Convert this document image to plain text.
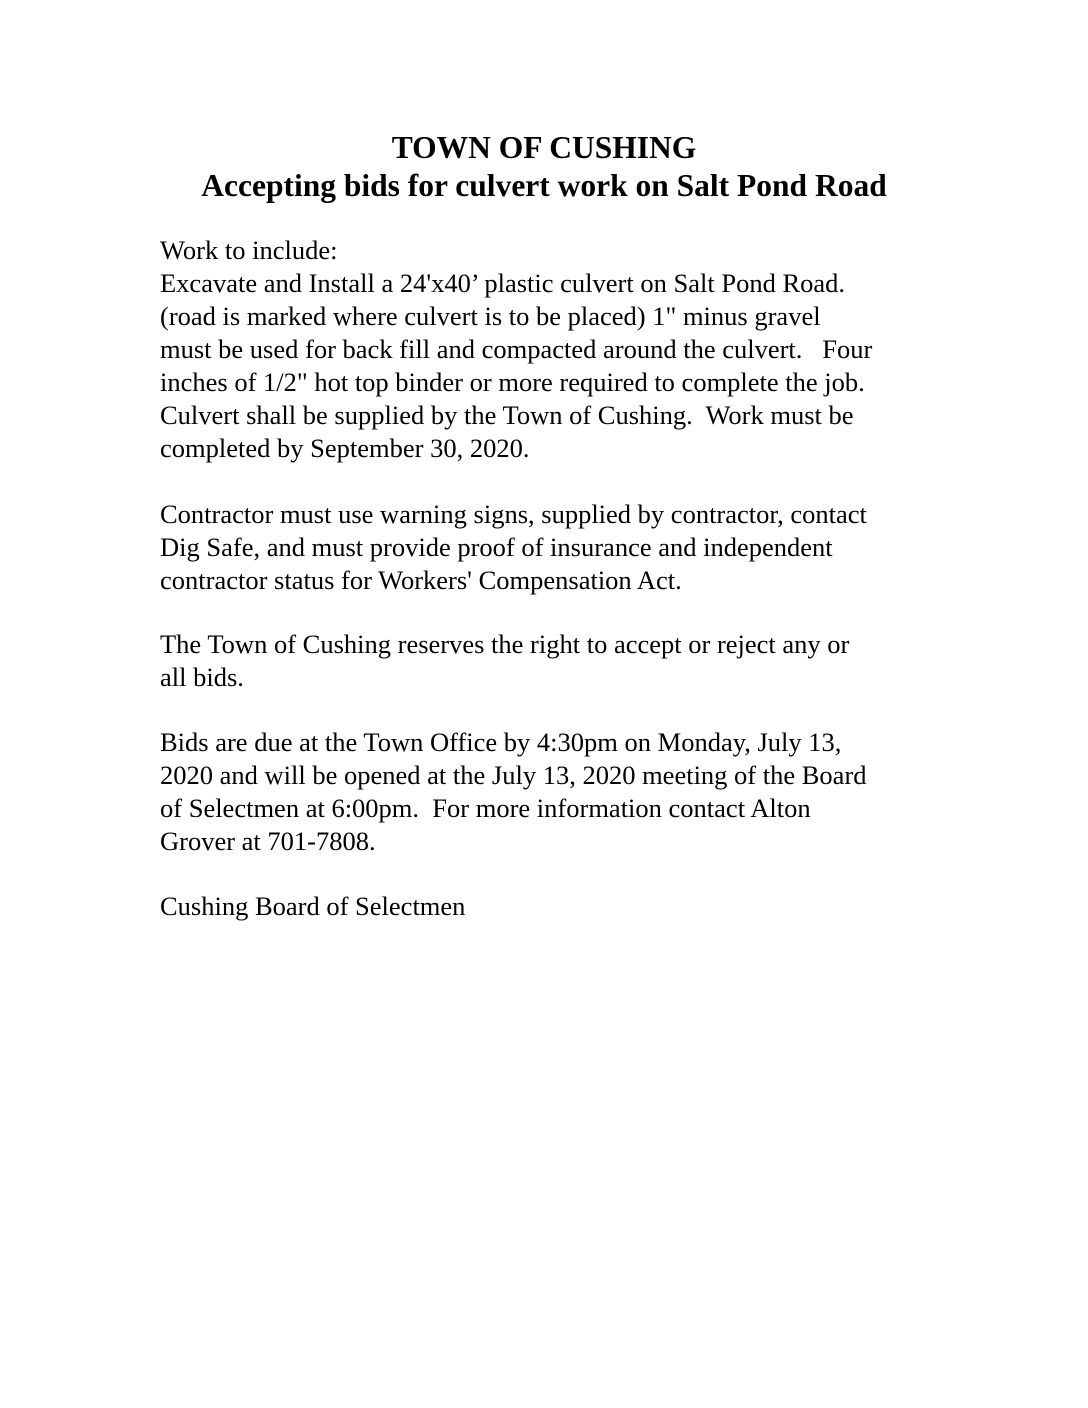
TOWN OF CUSHING
Accepting bids for culvert work on Salt Pond Road
Work to include:
Excavate and Install a 24'x40’ plastic culvert on Salt Pond Road.
(road is marked where culvert is to be placed) 1" minus gravel
must be used for back fill and compacted around the culvert.   Four
inches of 1/2" hot top binder or more required to complete the job.
Culvert shall be supplied by the Town of Cushing.  Work must be
completed by September 30, 2020.
Contractor must use warning signs, supplied by contractor, contact
Dig Safe, and must provide proof of insurance and independent
contractor status for Workers' Compensation Act.
The Town of Cushing reserves the right to accept or reject any or
all bids.
Bids are due at the Town Office by 4:30pm on Monday, July 13,
2020 and will be opened at the July 13, 2020 meeting of the Board
of Selectmen at 6:00pm.  For more information contact Alton
Grover at 701-7808.
Cushing Board of Selectmen
